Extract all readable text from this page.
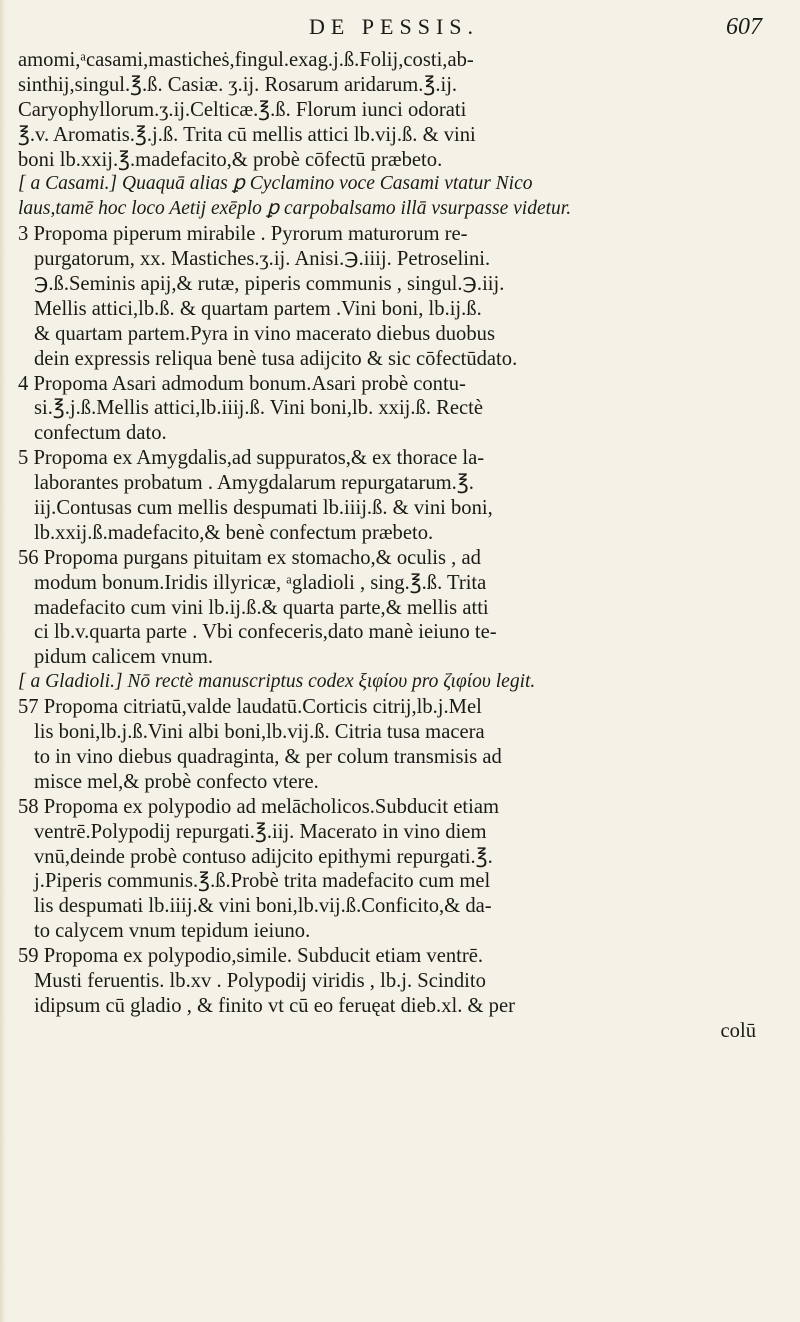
DE PESSIS.	607
amomi,ᵃcasami,masticheṡ,fingul.exag.j.ß.Folij,costi,ab-
sinthij,singul.℥.ß. Casiæ. ʒ.ij. Rosarum aridarum.℥.ij.
Caryophyllorum.ʒ.ij.Celticæ.℥.ß. Florum iunci odorati
℥.v. Aromatis.℥.j.ß. Trita cū mellis attici lb.vij.ß. & vini
boni lb.xxij.℥.madefacito,& probè cōfectū præbeto.
[ a Casami.] Quaquā alias ꝑ Cyclamino voce Casami vtatur Nico
laus,tamē hoc loco Aetij exēplo ꝑ carpobalsamo illā vsurpasse videtur.
3 Propoma piperum mirabile . Pyrorum maturorum re-
purgatorum, xx. Mastiches.ʒ.ij. Anisi.℈.iiij. Petroselini.
℈.ß.Seminis apij,& rutæ, piperis communis , singul.℈.iij.
Mellis attici,lb.ß. & quartam partem .Vini boni, lb.ij.ß.
& quartam partem.Pyra in vino macerato diebus duobus
dein expressis reliqua benè tusa adijcito & sic cōfectūdato.
4 Propoma Asari admodum bonum.Asari probè contu-
si.℥.j.ß.Mellis attici,lb.iiij.ß. Vini boni,lb. xxij.ß. Rectè
confectum dato.
5 Propoma ex Amygdalis,ad suppuratos,& ex thorace la-
laborantes probatum . Amygdalarum repurgatarum.℥.
iij.Contusas cum mellis despumati lb.iiij.ß. & vini boni,
lb.xxij.ß.madefacito,& benè confectum præbeto.
56 Propoma purgans pituitam ex stomacho,& oculis , ad
modum bonum.Iridis illyricæ, ᵃgladioli , sing.℥.ß. Trita
madefacito cum vini lb.ij.ß.& quarta parte,& mellis atti
ci lb.v.quarta parte . Vbi confeceris,dato manè ieiuno te-
pidum calicem vnum.
[ a Gladioli.] Nō rectè manuscriptus codex ξιφίου pro ζιφίου legit.
57 Propoma citriatū,valde laudatū.Corticis citrij,lb.j.Mel
lis boni,lb.j.ß.Vini albi boni,lb.vij.ß. Citria tusa macera
to in vino diebus quadraginta, & per colum transmisis ad
misce mel,& probè confecto vtere.
58 Propoma ex polypodio ad melācholicos.Subducit etiam
ventrē.Polypodij repurgati.℥.iij. Macerato in vino diem
vnū,deinde probè contuso adijcito epithymi repurgati.℥.
j.Piperis communis.℥.ß.Probè trita madefacito cum mel
lis despumati lb.iiij.& vini boni,lb.vij.ß.Conficito,& da-
to calycem vnum tepidum ieiuno.
59 Propoma ex polypodio,simile. Subducit etiam ventrē.
Musti feruentis. lb.xv . Polypodij viridis , lb.j. Scindito
idipsum cū gladio , & finito vt cū eo feruęat dieb.xl. & per
colū
